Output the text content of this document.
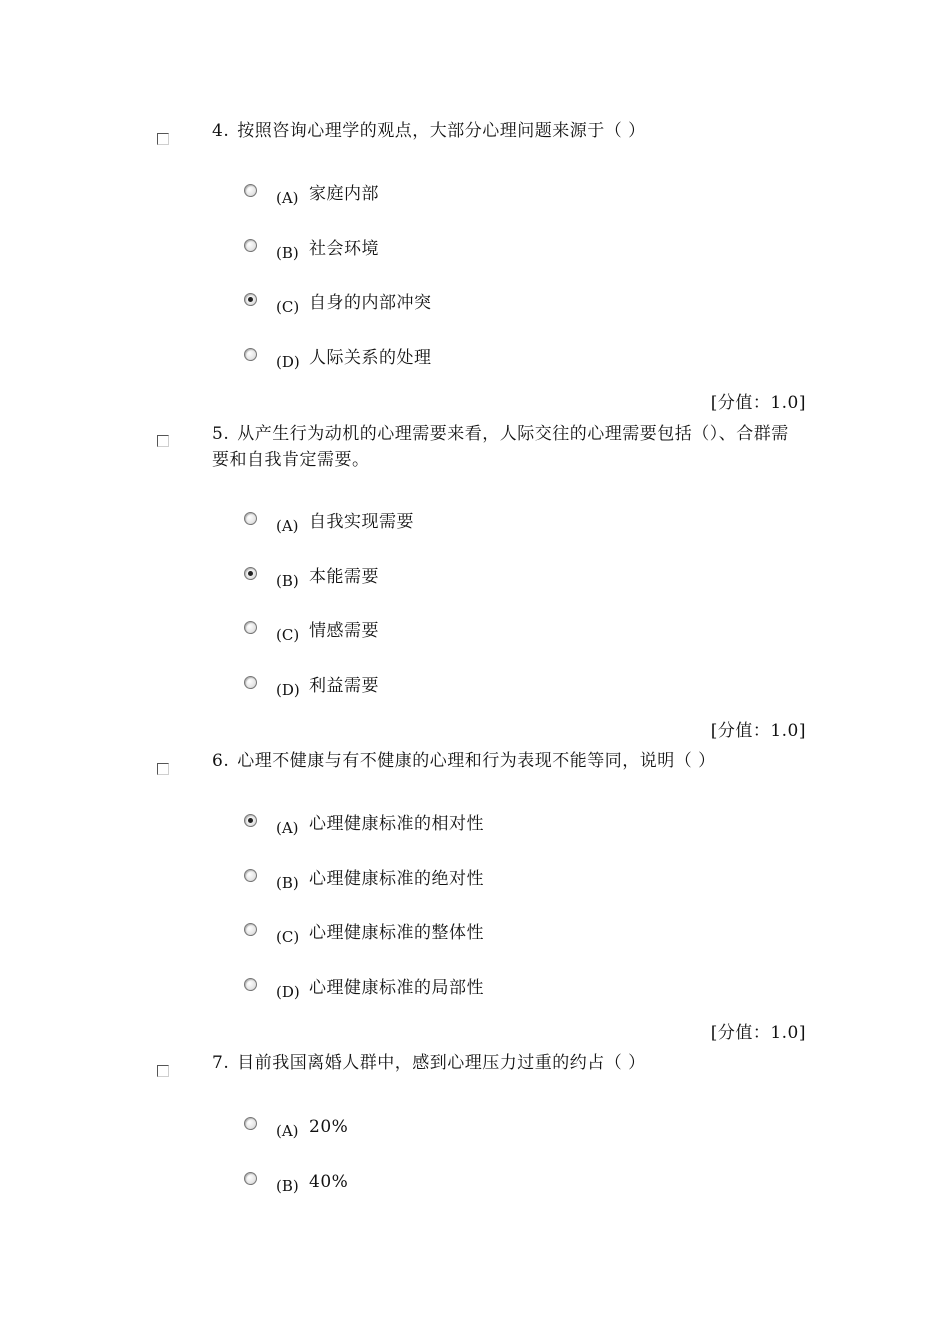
4. 按照咨询心理学的观点，大部分心理问题来源于（ ）
(A) 家庭内部
(B) 社会环境
(C) 自身的内部冲突
(D) 人际关系的处理
[分值：1.0]
5. 从产生行为动机的心理需要来看，人际交往的心理需要包括（）、合群需要和自我肯定需要。
(A) 自我实现需要
(B) 本能需要
(C) 情感需要
(D) 利益需要
[分值：1.0]
6. 心理不健康与有不健康的心理和行为表现不能等同，说明（ ）
(A) 心理健康标准的相对性
(B) 心理健康标准的绝对性
(C) 心理健康标准的整体性
(D) 心理健康标准的局部性
[分值：1.0]
7. 目前我国离婚人群中，感到心理压力过重的约占（ ）
(A) 20%
(B) 40%
